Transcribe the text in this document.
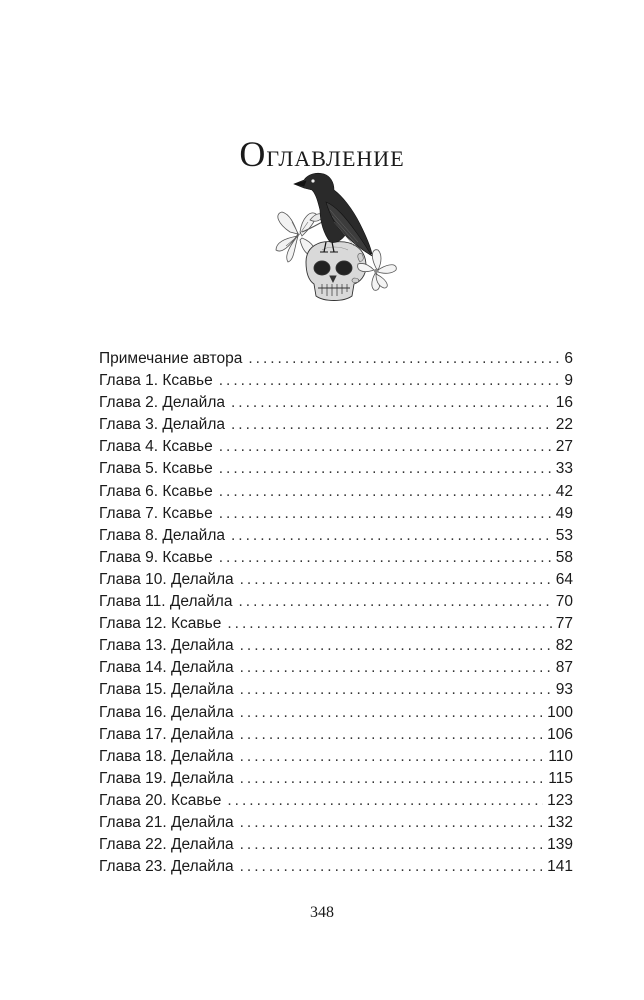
Оглавление
Примечание автора .....	6
Глава 1. Ксавье .....	9
Глава 2. Делайла .....	16
Глава 3. Делайла .....	22
Глава 4. Ксавье .....	27
Глава 5. Ксавье .....	33
Глава 6. Ксавье .....	42
Глава 7. Ксавье .....	49
Глава 8. Делайла .....	53
Глава 9. Ксавье .....	58
Глава 10. Делайла .....	64
Глава 11. Делайла .....	70
Глава 12. Ксавье .....	77
Глава 13. Делайла .....	82
Глава 14. Делайла .....	87
Глава 15. Делайла .....	93
Глава 16. Делайла .....	100
Глава 17. Делайла .....	106
Глава 18. Делайла .....	110
Глава 19. Делайла .....	115
Глава 20. Ксавье .....	123
Глава 21. Делайла .....	132
Глава 22. Делайла .....	139
Глава 23. Делайла .....	141
348
